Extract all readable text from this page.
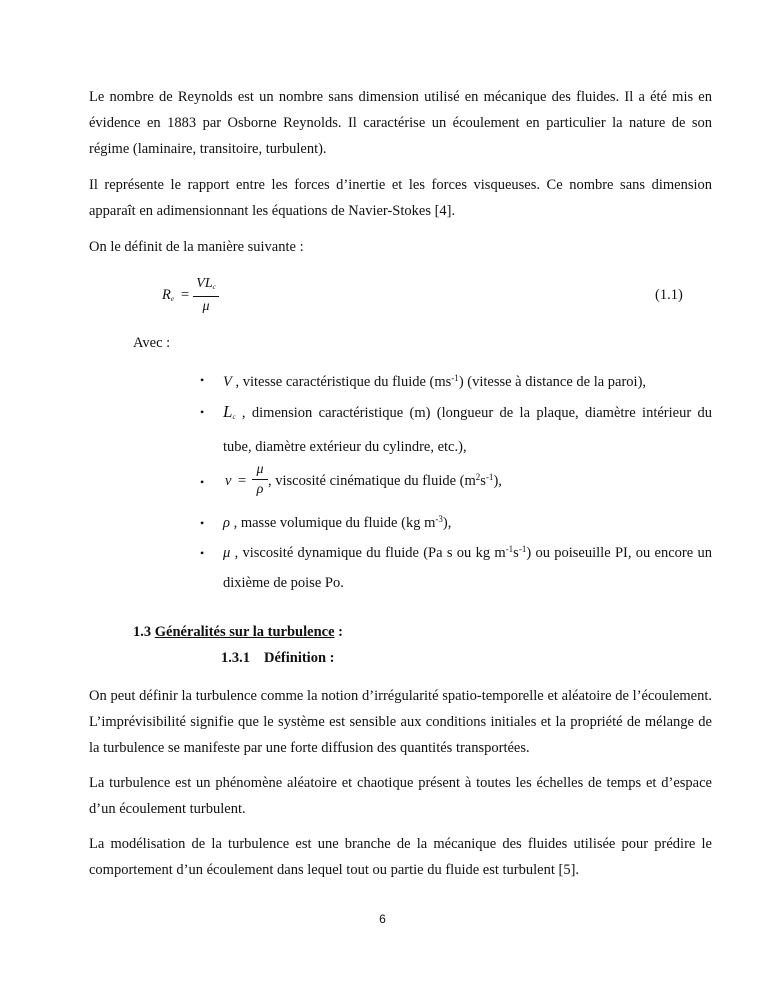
Le nombre de Reynolds est un nombre sans dimension utilisé en mécanique des fluides. Il a été mis en évidence en 1883 par Osborne Reynolds. Il caractérise un écoulement en particulier la nature de son régime (laminaire, transitoire, turbulent).

Il représente le rapport entre les forces d’inertie et les forces visqueuses. Ce nombre sans dimension apparaît en adimensionnant les équations de Navier-Stokes [4].

On le définit de la manière suivante :

$R_e$ =
$VL_c$
μ
(1.1)
Avec :
• V , vitesse caractéristique du fluide $(ms^{-1})$ (vitesse à distance de la paroi),
• $L_c$ , dimension caractéristique (m) (longueur de la plaque, diamètre intérieur du tube, diamètre extérieur du cylindre, etc.),
• ν =
μ
ρ
, viscosité cinématique du fluide $(m^2s^{-1})$,
• ρ , masse volumique du fluide (kg $m^{-3}$),
• μ , viscosité dynamique du fluide (Pa s ou kg $m^{-1}s^{-1}$) ou poiseuille PI, ou encore un dixième de poise Po.
1.3 Généralités sur la turbulence :
1.3.1 Définition :

On peut définir la turbulence comme la notion d’irrégularité spatio-temporelle et aléatoire de l’écoulement. L’imprévisibilité signifie que le système est sensible aux conditions initiales et la propriété de mélange de la turbulence se manifeste par une forte diffusion des quantités transportées.

La turbulence est un phénomène aléatoire et chaotique présent à toutes les échelles de temps et d’espace d’un écoulement turbulent.

La modélisation de la turbulence est une branche de la mécanique des fluides utilisée pour prédire le comportement d’un écoulement dans lequel tout ou partie du fluide est turbulent [5].

6
